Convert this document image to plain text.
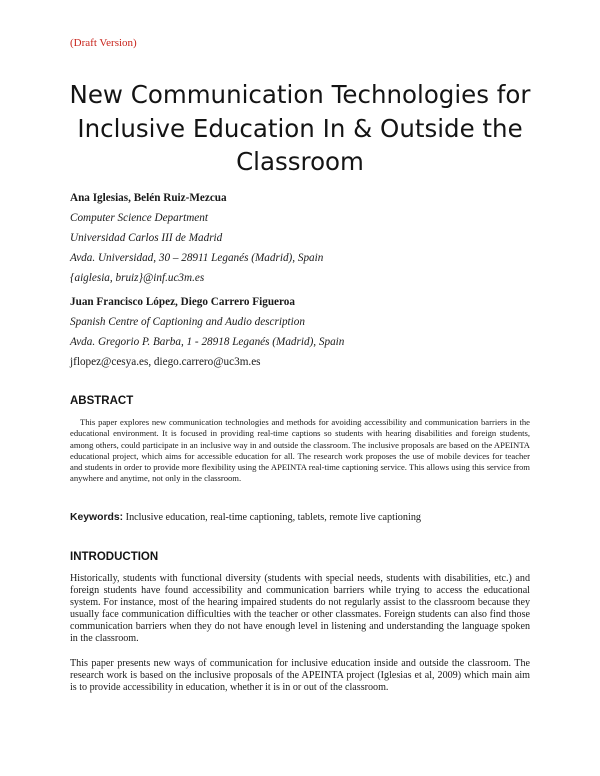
(Draft Version)
New Communication Technologies for
Inclusive Education In & Outside the
Classroom
Ana Iglesias, Belén Ruiz-Mezcua
Computer Science Department
Universidad Carlos III de Madrid
Avda. Universidad, 30 – 28911 Leganés (Madrid), Spain
{aiglesia, bruiz}@inf.uc3m.es
Juan Francisco López, Diego Carrero Figueroa
Spanish Centre of Captioning and Audio description
Avda. Gregorio P. Barba, 1 - 28918 Leganés (Madrid), Spain
jflopez@cesya.es, diego.carrero@uc3m.es
ABSTRACT

This paper explores new communication technologies and methods for avoiding accessibility and communication barriers in the educational environment. It is focused in providing real-time captions so students with hearing disabilities and foreign students, among others, could participate in an inclusive way in and outside the classroom. The inclusive proposals are based on the APEINTA educational project, which aims for accessible education for all. The research work proposes the use of mobile devices for teacher and students in order to provide more flexibility using the APEINTA real-time captioning service. This allows using this service from anywhere and anytime, not only in the classroom.

Keywords: Inclusive education, real-time captioning, tablets, remote live captioning
INTRODUCTION

Historically, students with functional diversity (students with special needs, students with disabilities, etc.) and foreign students have found accessibility and communication barriers while trying to access the educational system. For instance, most of the hearing impaired students do not regularly assist to the classroom because they usually face communication difficulties with the teacher or other classmates. Foreign students can also find those communication barriers when they do not have enough level in listening and understanding the language spoken in the classroom.

This paper presents new ways of communication for inclusive education inside and outside the classroom. The research work is based on the inclusive proposals of the APEINTA project (Iglesias et al, 2009) which main aim is to provide accessibility in education, whether it is in or out of the classroom.
